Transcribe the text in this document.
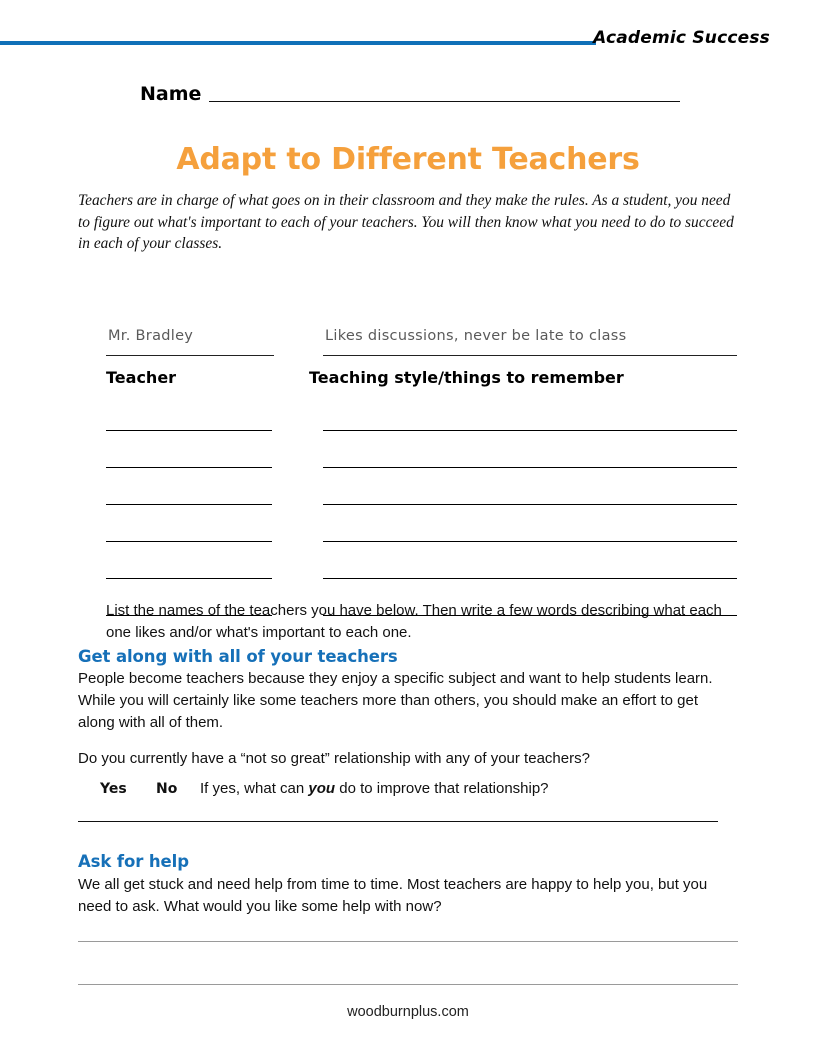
Academic Success
Name
Adapt to Different Teachers
Teachers are in charge of what goes on in their classroom and they make the rules. As a student, you need to figure out what's important to each of your teachers. You will then know what you need to do to succeed in each of your classes.
List the names of the teachers you have below. Then write a few words describing what each one likes and/or what's important to each one.
Mr. Bradley	Likes discussions, never be late to class
Teacher	Teaching style/things to remember
Get along with all of your teachers
People become teachers because they enjoy a specific subject and want to help students learn. While you will certainly like some teachers more than others, you should make an effort to get along with all of them.
Do you currently have a “not so great” relationship with any of your teachers?
Yes	No	If yes, what can you do to improve that relationship?
Ask for help
We all get stuck and need help from time to time. Most teachers are happy to help you, but you need to ask. What would you like some help with now?
woodburnplus.com
